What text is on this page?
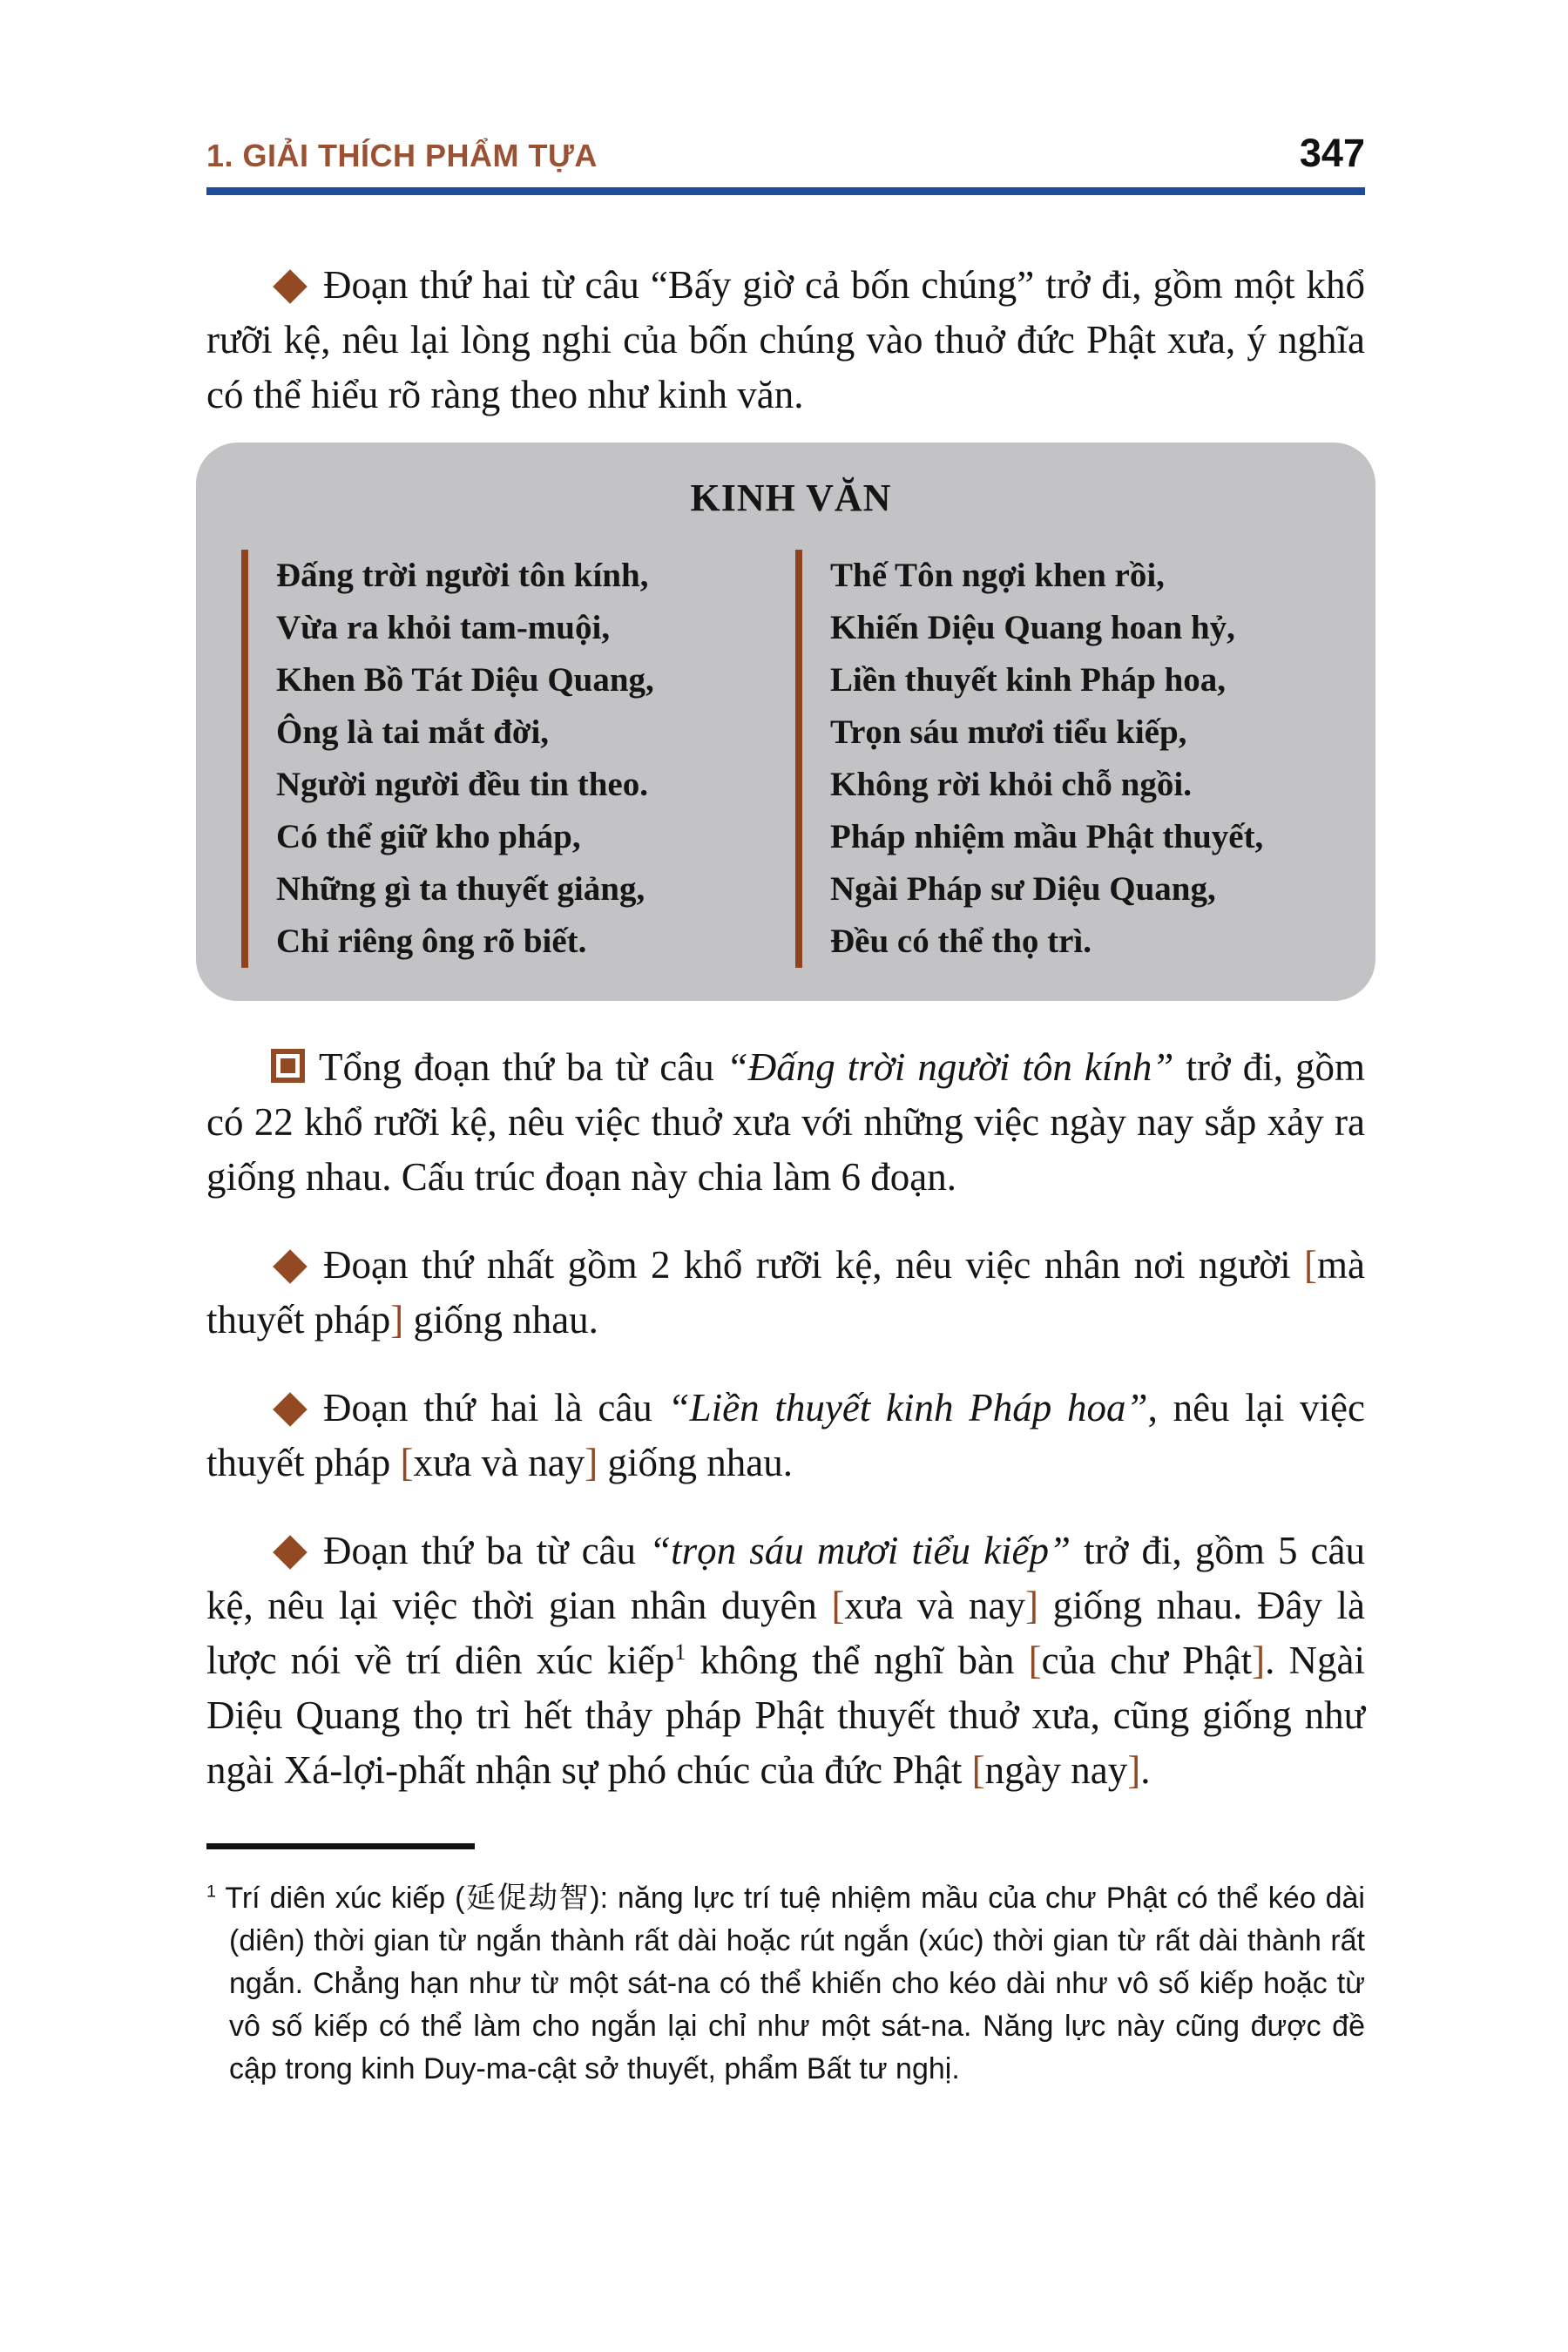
1. GIẢI THÍCH PHẨM TỰA	347

Đoạn thứ hai từ câu “Bấy giờ cả bốn chúng” trở đi, gồm một khổ rưỡi kệ, nêu lại lòng nghi của bốn chúng vào thuở đức Phật xưa, ý nghĩa có thể hiểu rõ ràng theo như kinh văn.

KINH VĂN
Đấng trời người tôn kính,
Vừa ra khỏi tam-muội,
Khen Bồ Tát Diệu Quang,
Ông là tai mắt đời,
Người người đều tin theo.
Có thể giữ kho pháp,
Những gì ta thuyết giảng,
Chỉ riêng ông rõ biết.
Thế Tôn ngợi khen rồi,
Khiến Diệu Quang hoan hỷ,
Liền thuyết kinh Pháp hoa,
Trọn sáu mươi tiểu kiếp,
Không rời khỏi chỗ ngồi.
Pháp nhiệm mầu Phật thuyết,
Ngài Pháp sư Diệu Quang,
Đều có thể thọ trì.

Tổng đoạn thứ ba từ câu “Đấng trời người tôn kính” trở đi, gồm có 22 khổ rưỡi kệ, nêu việc thuở xưa với những việc ngày nay sắp xảy ra giống nhau. Cấu trúc đoạn này chia làm 6 đoạn.

Đoạn thứ nhất gồm 2 khổ rưỡi kệ, nêu việc nhân nơi người [mà thuyết pháp] giống nhau.

Đoạn thứ hai là câu “Liền thuyết kinh Pháp hoa”, nêu lại việc thuyết pháp [xưa và nay] giống nhau.

Đoạn thứ ba từ câu “trọn sáu mươi tiểu kiếp” trở đi, gồm 5 câu kệ, nêu lại việc thời gian nhân duyên [xưa và nay] giống nhau. Đây là lược nói về trí diên xúc kiếp$^1$ không thể nghĩ bàn [của chư Phật]. Ngài Diệu Quang thọ trì hết thảy pháp Phật thuyết thuở xưa, cũng giống như ngài Xá-lợi-phất nhận sự phó chúc của đức Phật [ngày nay].

$^1$ Trí diên xúc kiếp (延促劫智): năng lực trí tuệ nhiệm mầu của chư Phật có thể kéo dài (diên) thời gian từ ngắn thành rất dài hoặc rút ngắn (xúc) thời gian từ rất dài thành rất ngắn. Chẳng hạn như từ một sát-na có thể khiến cho kéo dài như vô số kiếp hoặc từ vô số kiếp có thể làm cho ngắn lại chỉ như một sát-na. Năng lực này cũng được đề cập trong kinh Duy-ma-cật sở thuyết, phẩm Bất tư nghị.
